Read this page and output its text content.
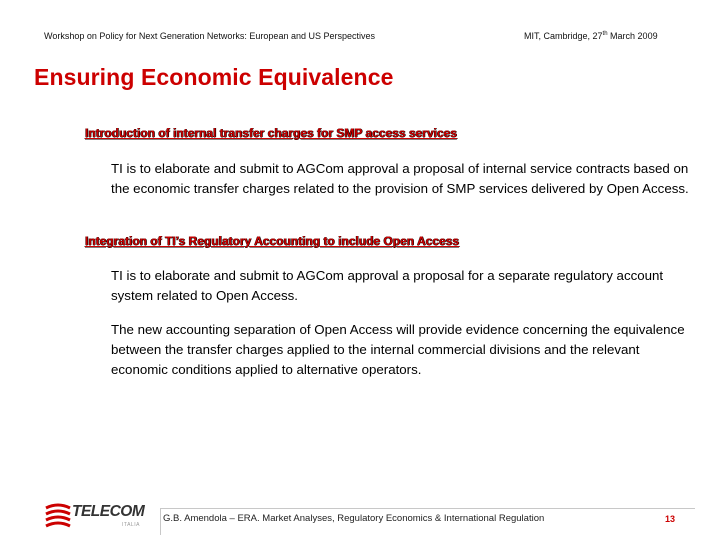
Workshop on Policy for Next Generation Networks: European and US Perspectives	MIT, Cambridge, 27th March 2009
Ensuring Economic Equivalence
Introduction of internal transfer charges for SMP access services
TI is to elaborate and submit to AGCom approval a proposal of internal service contracts based on the economic transfer charges related to the provision of SMP services delivered by Open Access.
Integration of TI’s Regulatory Accounting to include Open Access
TI is to elaborate and submit to AGCom approval a proposal for a separate regulatory account system related to Open Access.
The new accounting separation of Open Access will provide evidence concerning the equivalence between the transfer charges applied to the internal commercial divisions and the relevant economic conditions applied to alternative operators.
TELECOM
ITALIA
G.B. Amendola – ERA. Market Analyses, Regulatory Economics & International Regulation	13
